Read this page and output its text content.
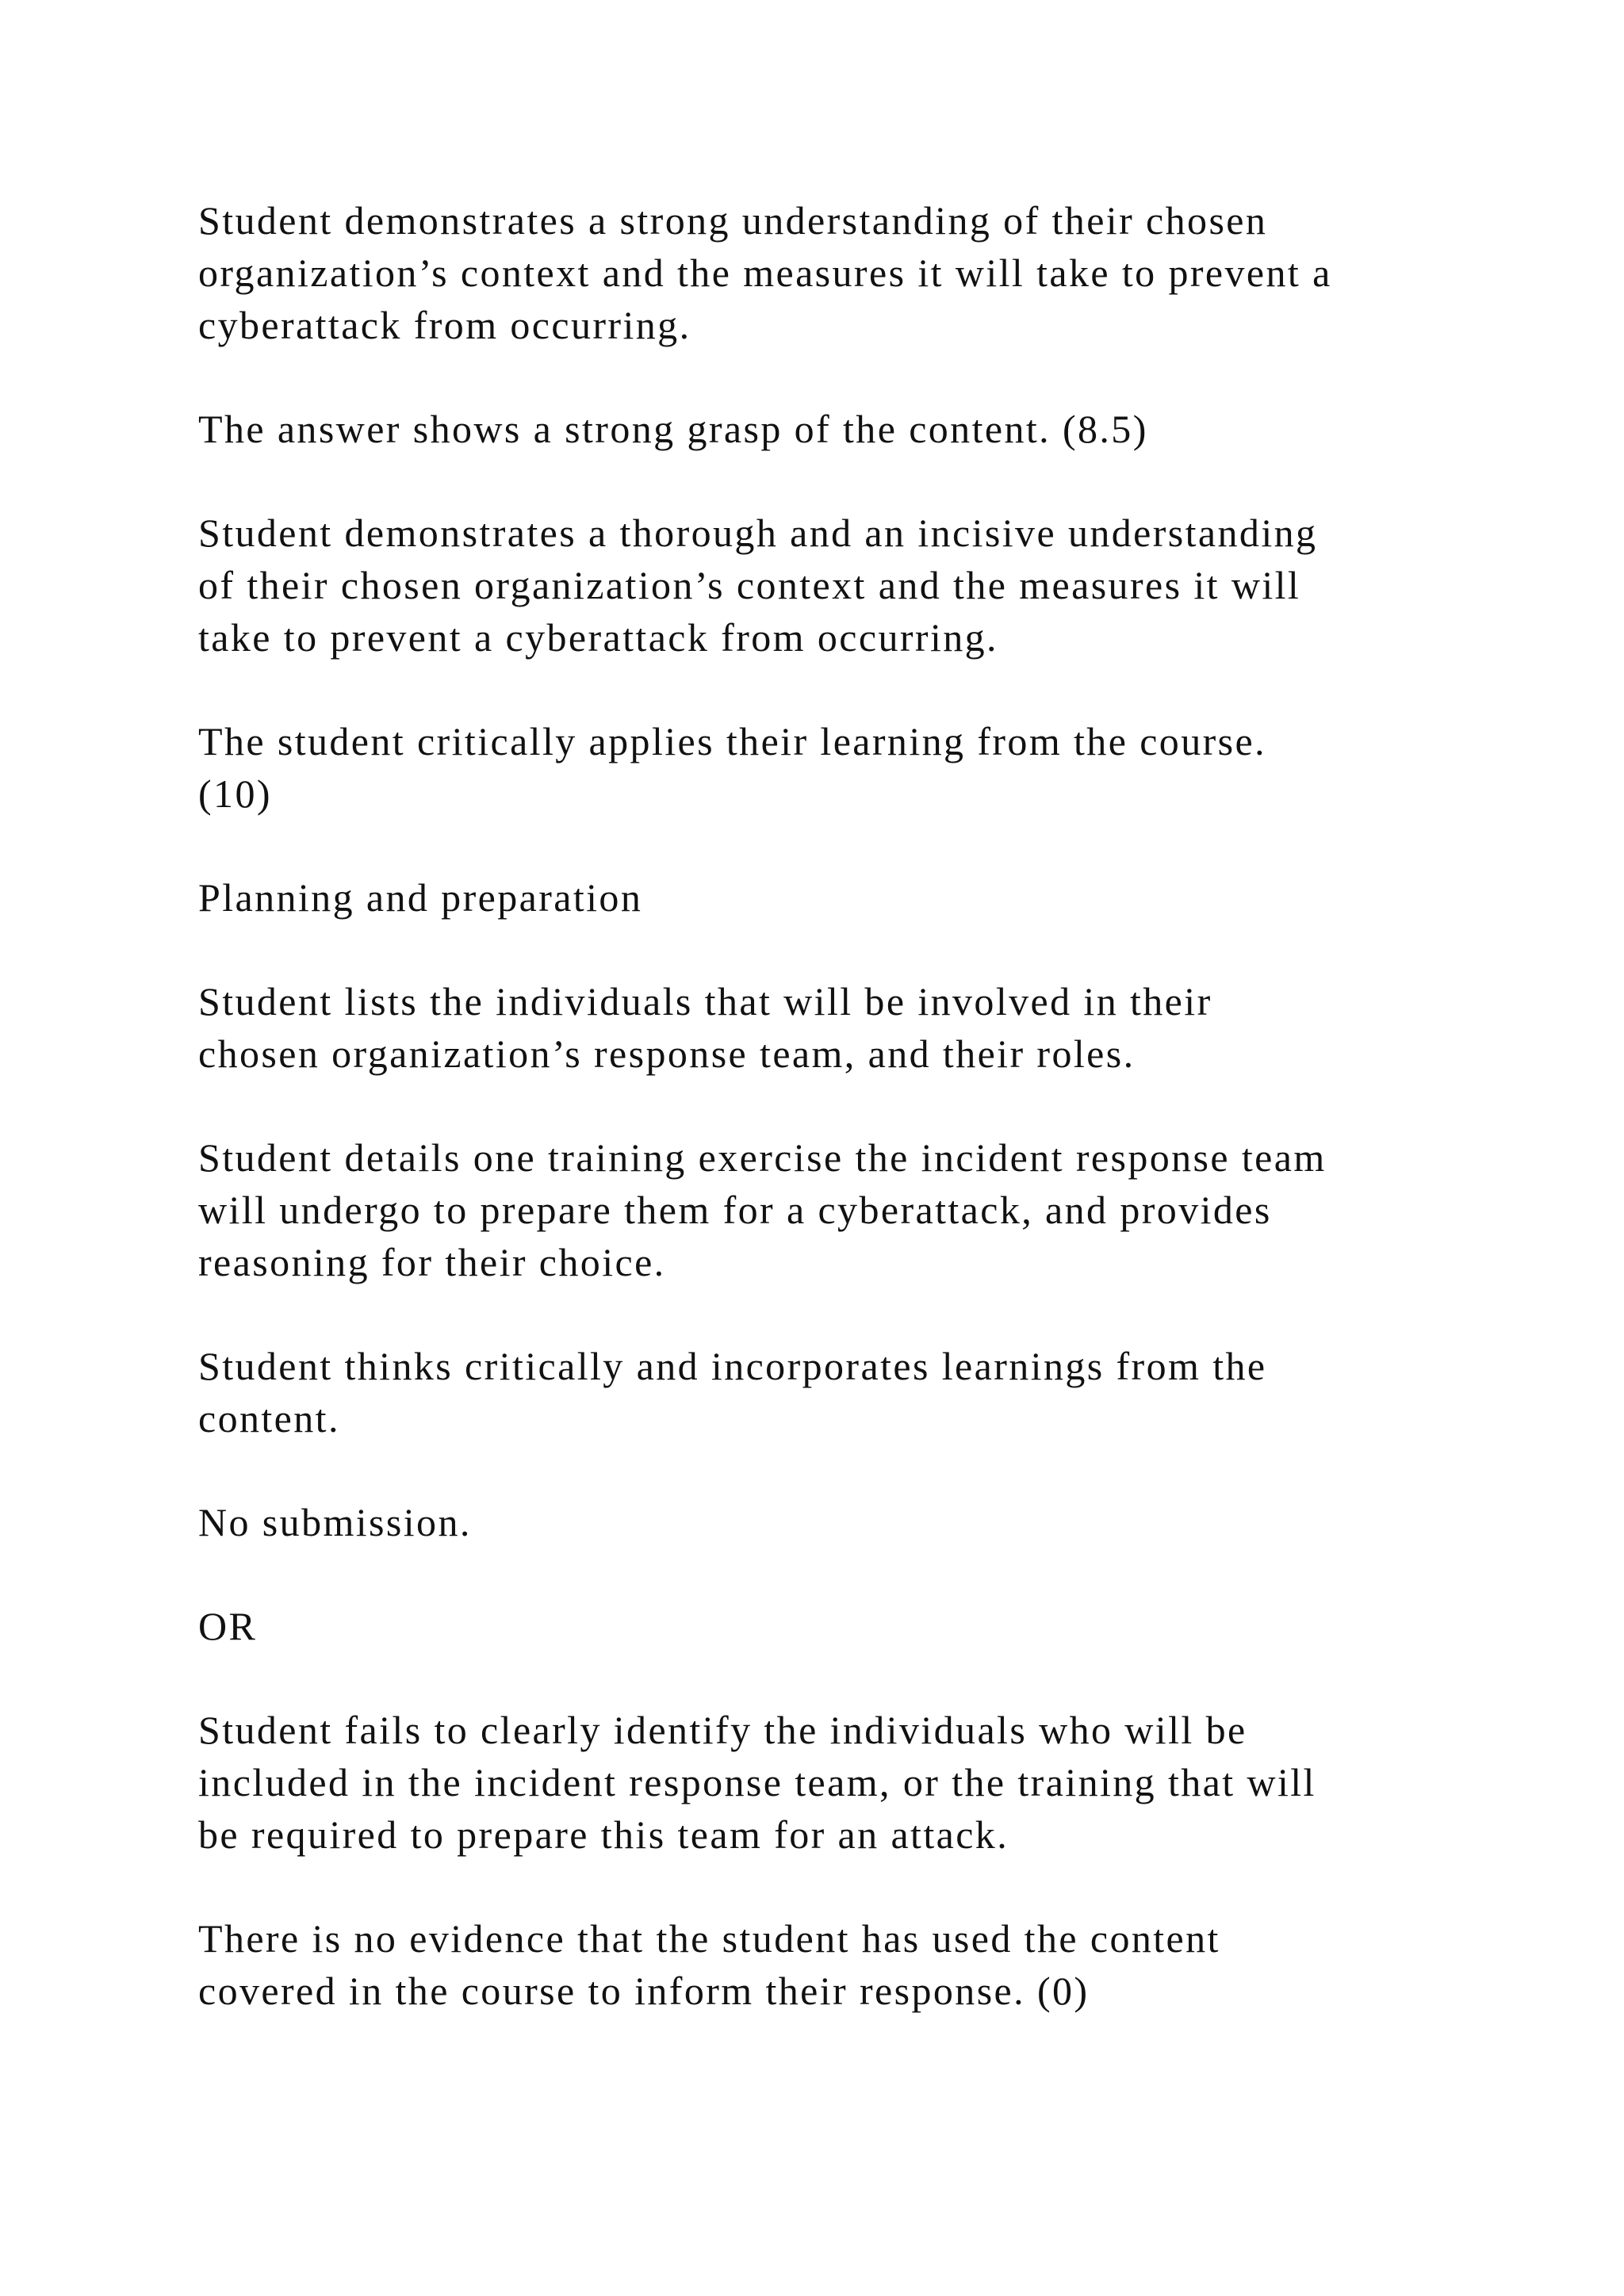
Student demonstrates a strong understanding of their chosen
organization’s context and the measures it will take to prevent a
cyberattack from occurring.

The answer shows a strong grasp of the content. (8.5)

Student demonstrates a thorough and an incisive understanding
of their chosen organization’s context and the measures it will
take to prevent a cyberattack from occurring.

The student critically applies their learning from the course.
(10)

Planning and preparation

Student lists the individuals that will be involved in their
chosen organization’s response team, and their roles.

Student details one training exercise the incident response team
will undergo to prepare them for a cyberattack, and provides
reasoning for their choice.

Student thinks critically and incorporates learnings from the
content.

No submission.

OR

Student fails to clearly identify the individuals who will be
included in the incident response team, or the training that will
be required to prepare this team for an attack.

There is no evidence that the student has used the content
covered in the course to inform their response. (0)
